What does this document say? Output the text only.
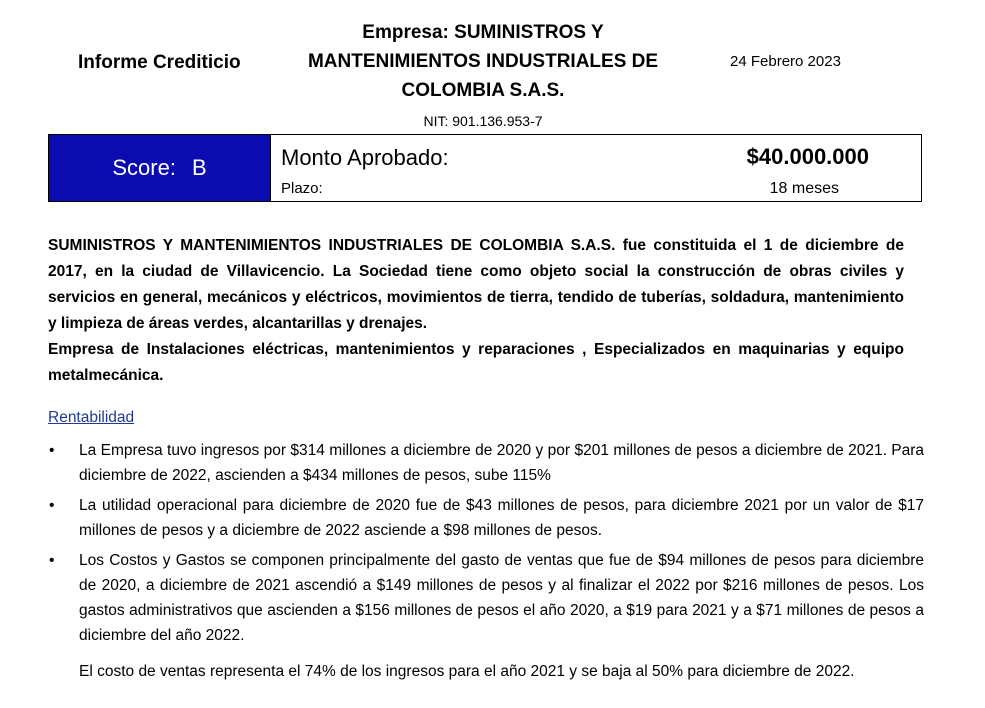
Informe Crediticio
Empresa: SUMINISTROS Y
MANTENIMIENTOS INDUSTRIALES DE
COLOMBIA S.A.S.
NIT: 901.136.953-7
24 Febrero 2023
Score: B	Monto Aprobado:
Plazo:
$40.000.000
18 meses

SUMINISTROS Y MANTENIMIENTOS INDUSTRIALES DE COLOMBIA S.A.S. fue constituida el 1 de diciembre de 2017, en la ciudad de Villavicencio. La Sociedad tiene como objeto social la construcción de obras civiles y servicios en general, mecánicos y eléctricos, movimientos de tierra, tendido de tuberías, soldadura, mantenimiento y limpieza de áreas verdes, alcantarillas y drenajes.

Empresa de Instalaciones eléctricas, mantenimientos y reparaciones , Especializados en maquinarias y equipo metalmecánica.

Rentabilidad
• La Empresa tuvo ingresos por $314 millones a diciembre de 2020 y por $201 millones de pesos a diciembre de 2021. Para diciembre de 2022, ascienden a $434 millones de pesos, sube 115%
• La utilidad operacional para diciembre de 2020 fue de $43 millones de pesos, para diciembre 2021 por un valor de $17 millones de pesos y a diciembre de 2022 asciende a $98 millones de pesos.
• Los Costos y Gastos se componen principalmente del gasto de ventas que fue de $94 millones de pesos para diciembre de 2020, a diciembre de 2021 ascendió a $149 millones de pesos y al finalizar el 2022 por $216 millones de pesos. Los gastos administrativos que ascienden a $156 millones de pesos el año 2020, a $19 para 2021 y a $71 millones de pesos a diciembre del año 2022.
El costo de ventas representa el 74% de los ingresos para el año 2021 y se baja al 50% para diciembre de 2022.
